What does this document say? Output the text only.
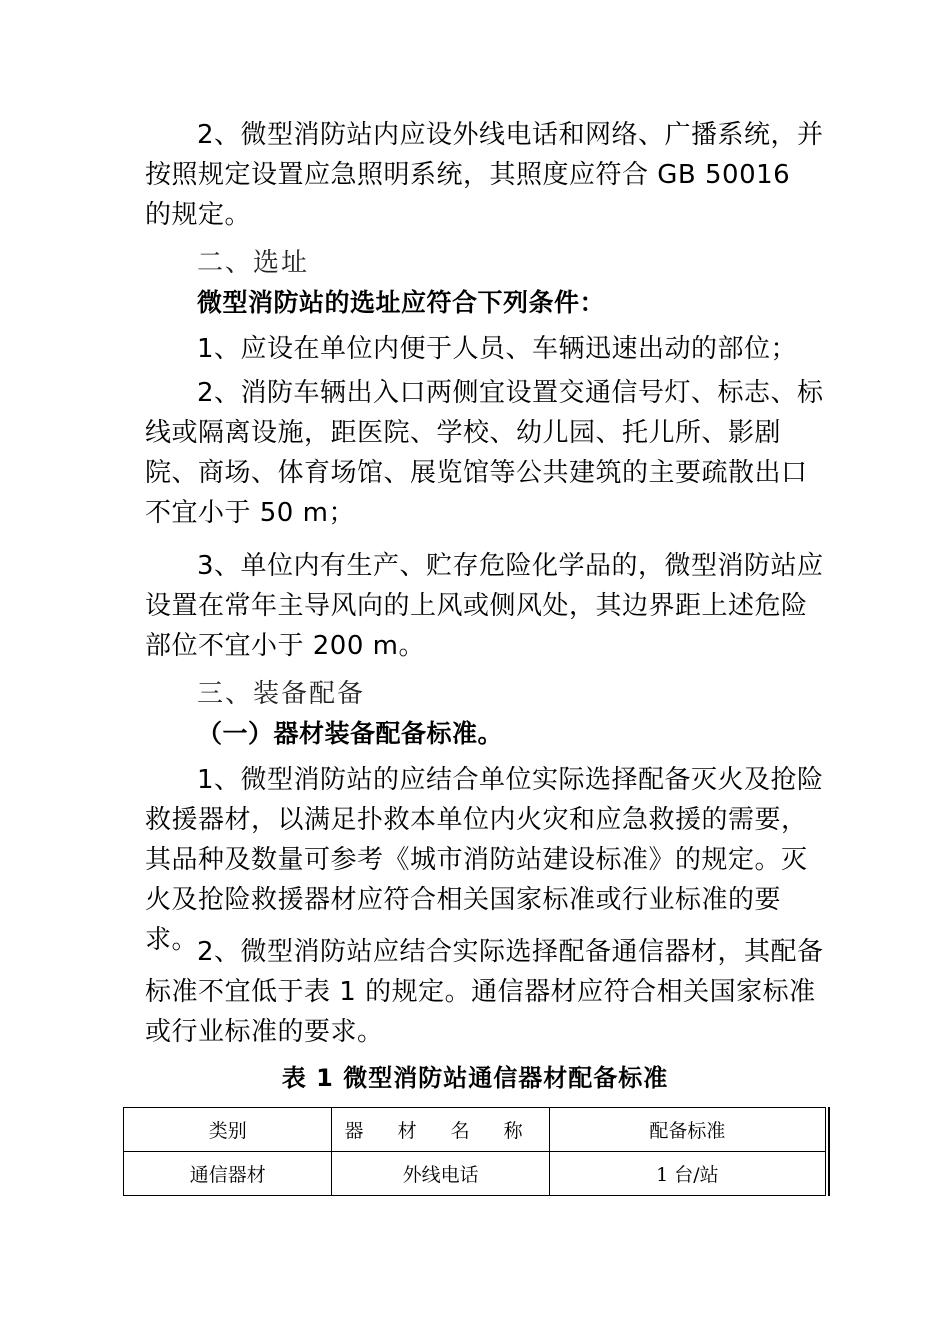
2、微型消防站内应设外线电话和网络、广播系统，并按照规定设置应急照明系统，其照度应符合 GB 50016 的规定。

二、选址
微型消防站的选址应符合下列条件：

1、应设在单位内便于人员、车辆迅速出动的部位；

2、消防车辆出入口两侧宜设置交通信号灯、标志、标线或隔离设施，距医院、学校、幼儿园、托儿所、影剧院、商场、体育场馆、展览馆等公共建筑的主要疏散出口不宜小于 50 m；

3、单位内有生产、贮存危险化学品的，微型消防站应设置在常年主导风向的上风或侧风处，其边界距上述危险部位不宜小于 200 m。

三、装备配备
（一）器材装备配备标准。

1、微型消防站的应结合单位实际选择配备灭火及抢险救援器材，以满足扑救本单位内火灾和应急救援的需要，其品种及数量可参考《城市消防站建设标准》的规定。灭火及抢险救援器材应符合相关国家标准或行业标准的要求。

2、微型消防站应结合实际选择配备通信器材，其配备标准不宜低于表 1 的规定。通信器材应符合相关国家标准或行业标准的要求。

表 1 微型消防站通信器材配备标准
类别	器 材 名 称	配备标准
通信器材	外线电话	1 台/站
